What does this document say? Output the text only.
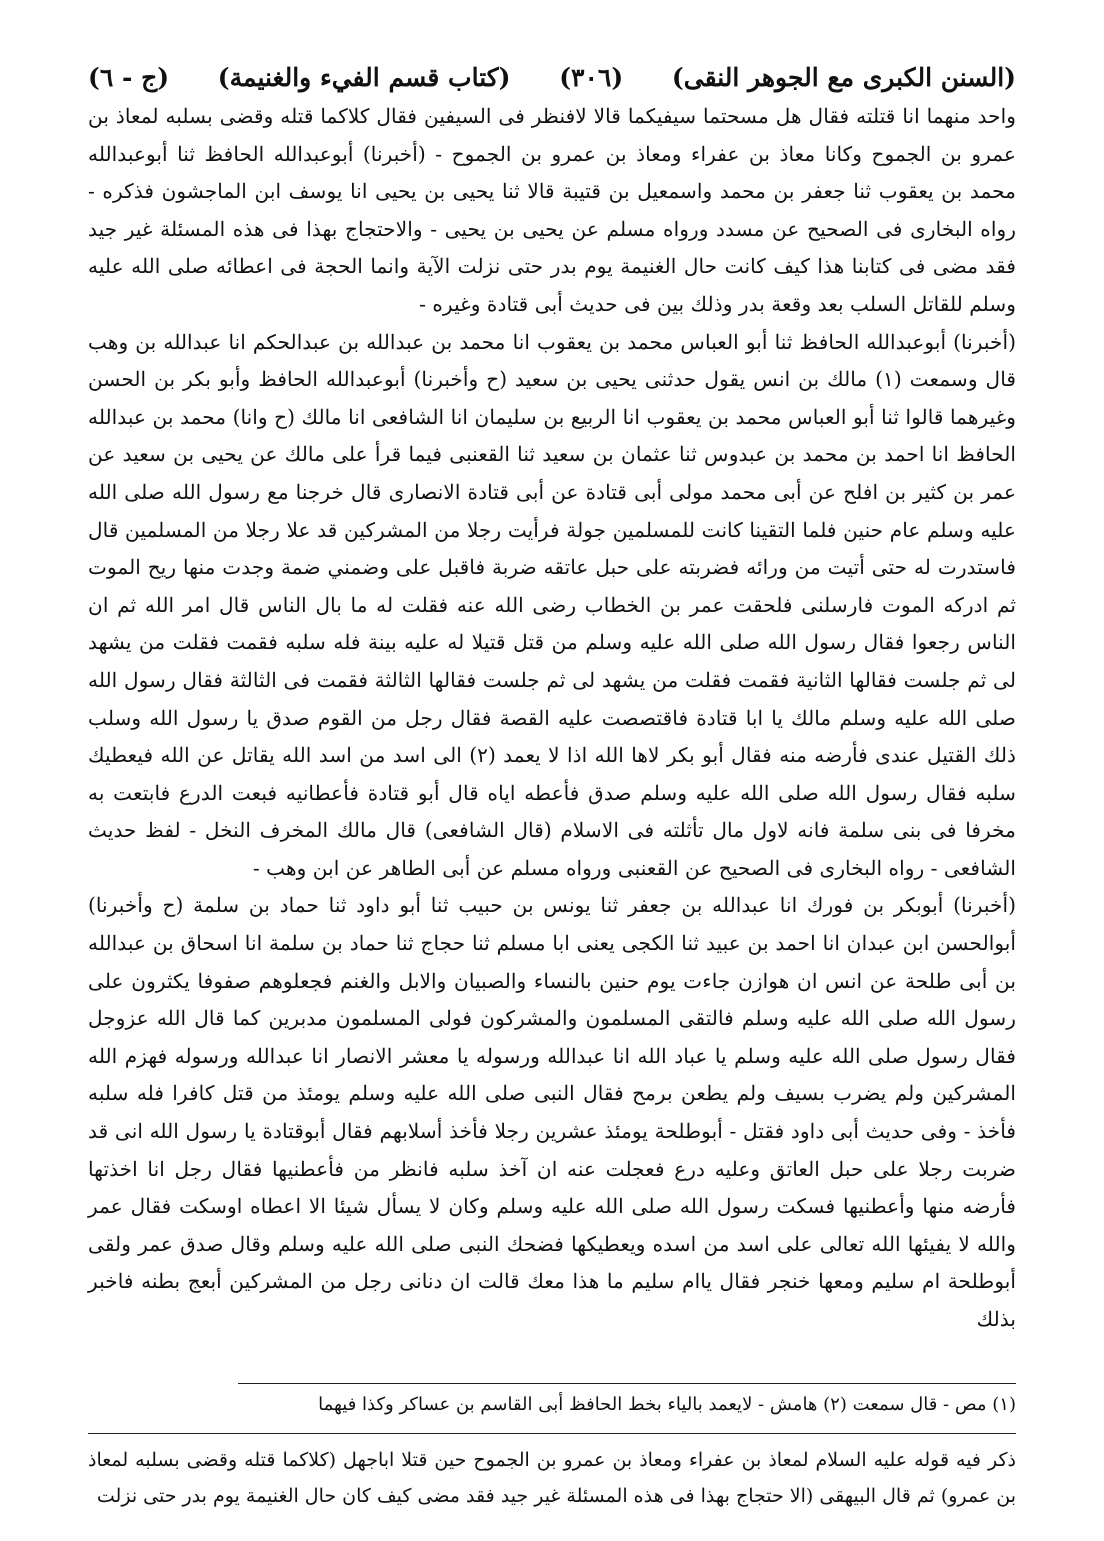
(السنن الكبرى مع الجوهر النقى)
(٣٠٦)
(كتاب قسم الفيء والغنيمة)
(ج - ٦)

واحد منهما انا قتلته فقال هل مسحتما سيفيكما قالا لافنظر فى السيفين فقال كلاكما قتله وقضى بسلبه لمعاذ بن عمرو بن الجموح وكانا معاذ بن عفراء ومعاذ بن عمرو بن الجموح - (أخبرنا) أبوعبدالله الحافظ ثنا أبوعبدالله محمد بن يعقوب ثنا جعفر بن محمد واسمعيل بن قتيبة قالا ثنا يحيى بن يحيى انا يوسف ابن الماجشون فذكره - رواه البخارى فى الصحيح عن مسدد ورواه مسلم عن يحيى بن يحيى - والاحتجاج بهذا فى هذه المسئلة غير جيد فقد مضى فى كتابنا هذا كيف كانت حال الغنيمة يوم بدر حتى نزلت الآية وانما الحجة فى اعطائه صلى الله عليه وسلم للقاتل السلب بعد وقعة بدر وذلك بين فى حديث أبى قتادة وغيره -

(أخبرنا) أبوعبدالله الحافظ ثنا أبو العباس محمد بن يعقوب انا محمد بن عبدالله بن عبدالحكم انا عبدالله بن وهب قال وسمعت (١) مالك بن انس يقول حدثنى يحيى بن سعيد (ح وأخبرنا) أبوعبدالله الحافظ وأبو بكر بن الحسن وغيرهما قالوا ثنا أبو العباس محمد بن يعقوب انا الربيع بن سليمان انا الشافعى انا مالك (ح وانا) محمد بن عبدالله الحافظ انا احمد بن محمد بن عبدوس ثنا عثمان بن سعيد ثنا القعنبى فيما قرأ على مالك عن يحيى بن سعيد عن عمر بن كثير بن افلح عن أبى محمد مولى أبى قتادة عن أبى قتادة الانصارى قال خرجنا مع رسول الله صلى الله عليه وسلم عام حنين فلما التقينا كانت للمسلمين جولة فرأيت رجلا من المشركين قد علا رجلا من المسلمين قال فاستدرت له حتى أتيت من ورائه فضربته على حبل عاتقه ضربة فاقبل على وضمني ضمة وجدت منها ريح الموت ثم ادركه الموت فارسلنى فلحقت عمر بن الخطاب رضى الله عنه فقلت له ما بال الناس قال امر الله ثم ان الناس رجعوا فقال رسول الله صلى الله عليه وسلم من قتل قتيلا له عليه بينة فله سلبه فقمت فقلت من يشهد لى ثم جلست فقالها الثانية فقمت فقلت من يشهد لى ثم جلست فقالها الثالثة فقمت فى الثالثة فقال رسول الله صلى الله عليه وسلم مالك يا ابا قتادة فاقتصصت عليه القصة فقال رجل من القوم صدق يا رسول الله وسلب ذلك القتيل عندى فأرضه منه فقال أبو بكر لاها الله اذا لا يعمد (٢) الى اسد من اسد الله يقاتل عن الله فيعطيك سلبه فقال رسول الله صلى الله عليه وسلم صدق فأعطه اياه قال أبو قتادة فأعطانيه فبعت الدرع فابتعت به مخرفا فى بنى سلمة فانه لاول مال تأثلته فى الاسلام (قال الشافعى) قال مالك المخرف النخل - لفظ حديث الشافعى - رواه البخارى فى الصحيح عن القعنبى ورواه مسلم عن أبى الطاهر عن ابن وهب -

(أخبرنا) أبوبكر بن فورك انا عبدالله بن جعفر ثنا يونس بن حبيب ثنا أبو داود ثنا حماد بن سلمة (ح وأخبرنا) أبوالحسن ابن عبدان انا احمد بن عبيد ثنا الكجى يعنى ابا مسلم ثنا حجاج ثنا حماد بن سلمة انا اسحاق بن عبدالله بن أبى طلحة عن انس ان هوازن جاءت يوم حنين بالنساء والصبيان والابل والغنم فجعلوهم صفوفا يكثرون على رسول الله صلى الله عليه وسلم فالتقى المسلمون والمشركون فولى المسلمون مدبرين كما قال الله عزوجل فقال رسول صلى الله عليه وسلم يا عباد الله انا عبدالله ورسوله يا معشر الانصار انا عبدالله ورسوله فهزم الله المشركين ولم يضرب بسيف ولم يطعن برمح فقال النبى صلى الله عليه وسلم يومئذ من قتل كافرا فله سلبه فأخذ - وفى حديث أبى داود فقتل - أبوطلحة يومئذ عشرين رجلا فأخذ أسلابهم فقال أبوقتادة يا رسول الله انى قد ضربت رجلا على حبل العاتق وعليه درع فعجلت عنه ان آخذ سلبه فانظر من فأعطنيها فقال رجل انا اخذتها فأرضه منها وأعطنيها فسكت رسول الله صلى الله عليه وسلم وكان لا يسأل شيئا الا اعطاه اوسكت فقال عمر والله لا يفيئها الله تعالى على اسد من اسده ويعطيكها فضحك النبى صلى الله عليه وسلم وقال صدق عمر ولقى أبوطلحة ام سليم ومعها خنجر فقال ياام سليم ما هذا معك قالت ان دنانى رجل من المشركين أبعج بطنه فاخبر بذلك

(١) مص - قال سمعت (٢) هامش - لايعمد بالياء بخط الحافظ أبى القاسم بن عساكر وكذا فيهما
ذكر فيه قوله عليه السلام لمعاذ بن عفراء ومعاذ بن عمرو بن الجموح حين قتلا اباجهل (كلاكما قتله وقضى بسلبه لمعاذ بن عمرو) ثم قال البيهقى (الا حتجاج بهذا فى هذه المسئلة غير جيد فقد مضى كيف كان حال الغنيمة يوم بدر حتى نزلت
